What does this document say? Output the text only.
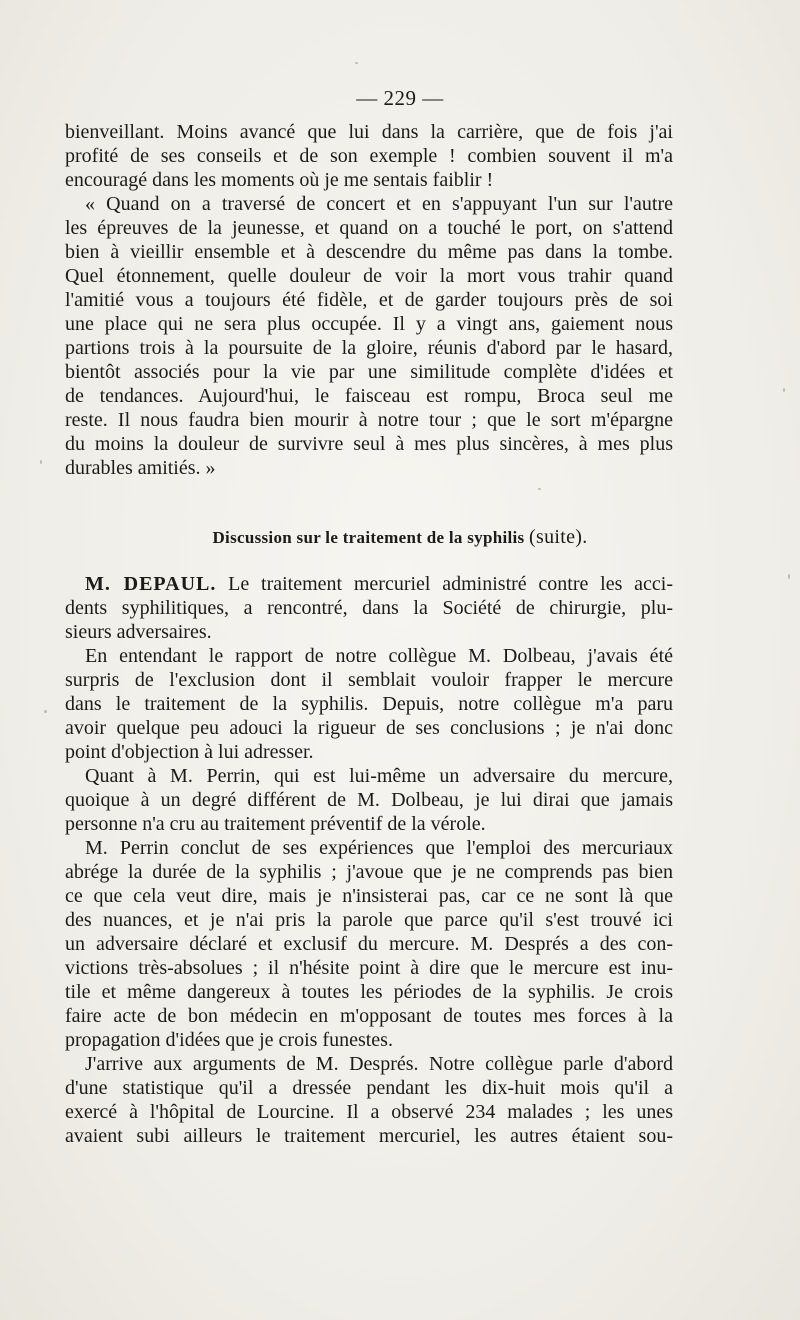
— 229 —
bienveillant. Moins avancé que lui dans la carrière, que de fois j'ai
profité de ses conseils et de son exemple ! combien souvent il m'a
encouragé dans les moments où je me sentais faiblir !
« Quand on a traversé de concert et en s'appuyant l'un sur l'autre
les épreuves de la jeunesse, et quand on a touché le port, on s'attend
bien à vieillir ensemble et à descendre du même pas dans la tombe.
Quel étonnement, quelle douleur de voir la mort vous trahir quand
l'amitié vous a toujours été fidèle, et de garder toujours près de soi
une place qui ne sera plus occupée. Il y a vingt ans, gaiement nous
partions trois à la poursuite de la gloire, réunis d'abord par le hasard,
bientôt associés pour la vie par une similitude complète d'idées et
de tendances. Aujourd'hui, le faisceau est rompu, Broca seul me
reste. Il nous faudra bien mourir à notre tour ; que le sort m'épargne
du moins la douleur de survivre seul à mes plus sincères, à mes plus
durables amitiés. »
Discussion sur le traitement de la syphilis (suite).
M. DEPAUL. Le traitement mercuriel administré contre les acci-
dents syphilitiques, a rencontré, dans la Société de chirurgie, plu-
sieurs adversaires.
En entendant le rapport de notre collègue M. Dolbeau, j'avais été
surpris de l'exclusion dont il semblait vouloir frapper le mercure
dans le traitement de la syphilis. Depuis, notre collègue m'a paru
avoir quelque peu adouci la rigueur de ses conclusions ; je n'ai donc
point d'objection à lui adresser.
Quant à M. Perrin, qui est lui-même un adversaire du mercure,
quoique à un degré différent de M. Dolbeau, je lui dirai que jamais
personne n'a cru au traitement préventif de la vérole.
M. Perrin conclut de ses expériences que l'emploi des mercuriaux
abrége la durée de la syphilis ; j'avoue que je ne comprends pas bien
ce que cela veut dire, mais je n'insisterai pas, car ce ne sont là que
des nuances, et je n'ai pris la parole que parce qu'il s'est trouvé ici
un adversaire déclaré et exclusif du mercure. M. Després a des con-
victions très-absolues ; il n'hésite point à dire que le mercure est inu-
tile et même dangereux à toutes les périodes de la syphilis. Je crois
faire acte de bon médecin en m'opposant de toutes mes forces à la
propagation d'idées que je crois funestes.
J'arrive aux arguments de M. Després. Notre collègue parle d'abord
d'une statistique qu'il a dressée pendant les dix-huit mois qu'il a
exercé à l'hôpital de Lourcine. Il a observé 234 malades ; les unes
avaient subi ailleurs le traitement mercuriel, les autres étaient sou-
